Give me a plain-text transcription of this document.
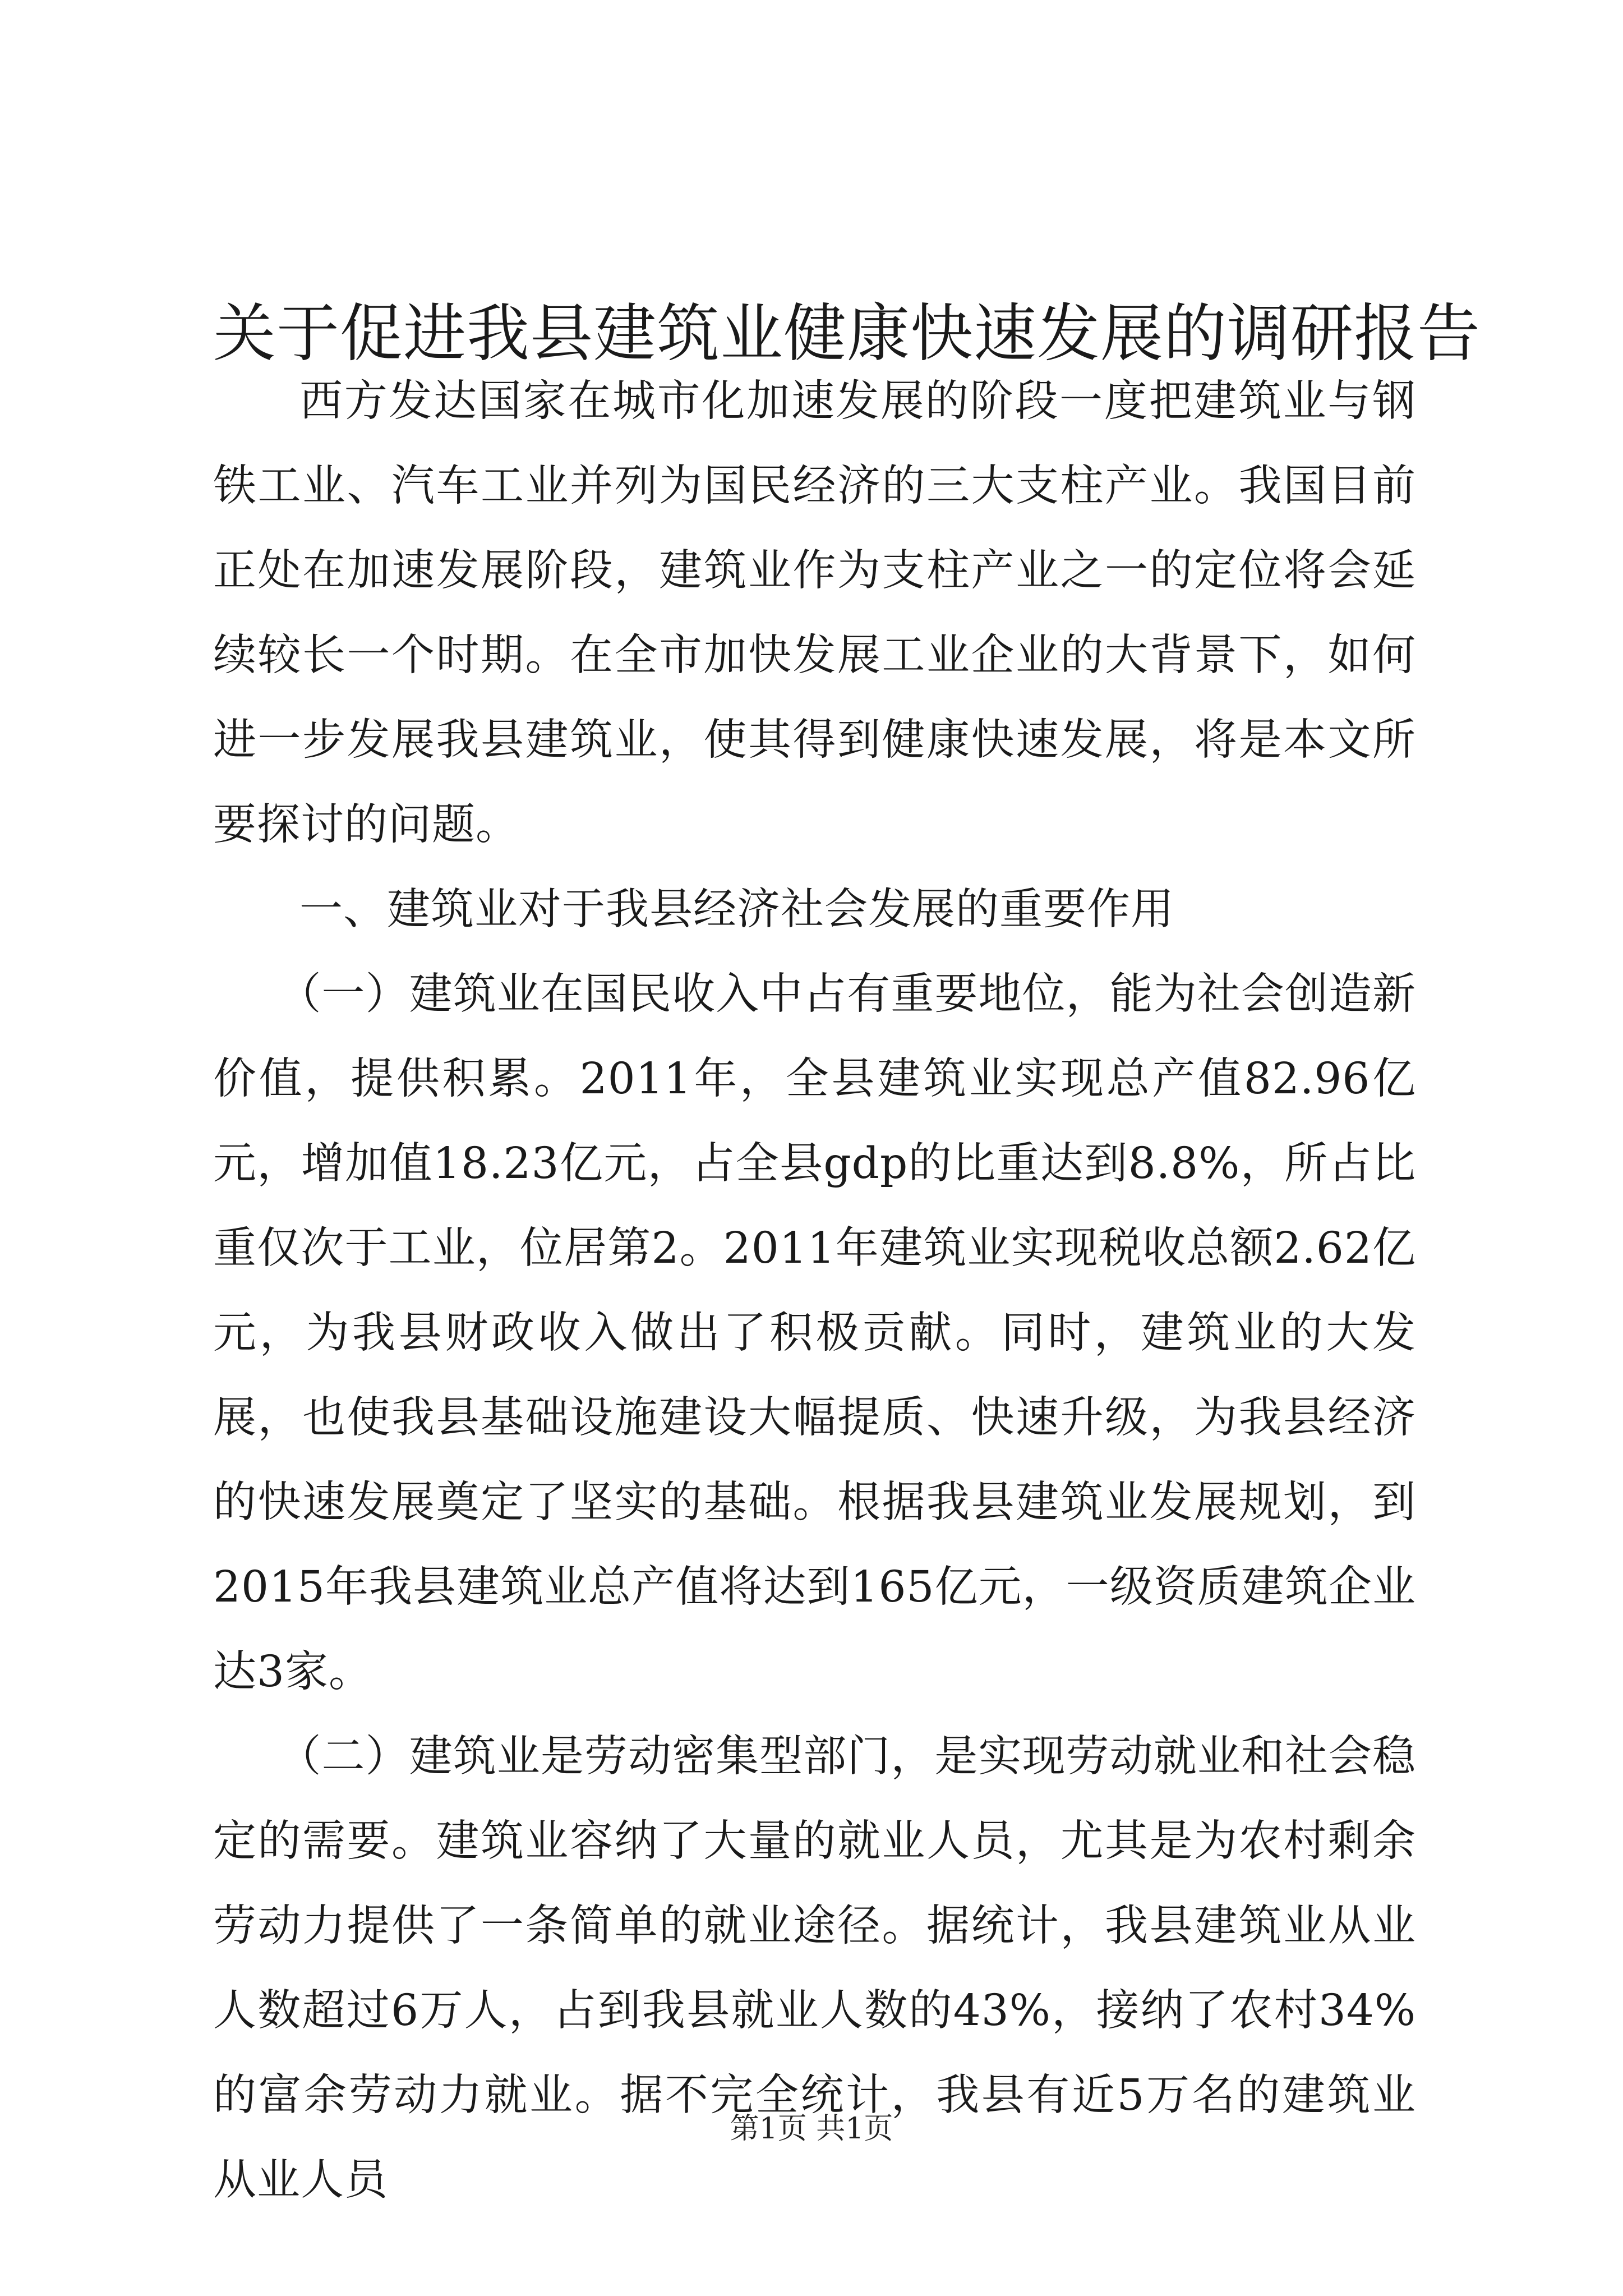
关于促进我县建筑业健康快速发展的调研报告

西方发达国家在城市化加速发展的阶段一度把建筑业与钢铁工业、汽车工业并列为国民经济的三大支柱产业。我国目前正处在加速发展阶段，建筑业作为支柱产业之一的定位将会延续较长一个时期。在全市加快发展工业企业的大背景下，如何进一步发展我县建筑业，使其得到健康快速发展，将是本文所要探讨的问题。

一、建筑业对于我县经济社会发展的重要作用

（一）建筑业在国民收入中占有重要地位，能为社会创造新价值，提供积累。2011年，全县建筑业实现总产值82.96亿元，增加值18.23亿元，占全县gdp的比重达到8.8%，所占比重仅次于工业，位居第2。2011年建筑业实现税收总额2.62亿元，为我县财政收入做出了积极贡献。同时，建筑业的大发展，也使我县基础设施建设大幅提质、快速升级，为我县经济的快速发展奠定了坚实的基础。根据我县建筑业发展规划，到2015年我县建筑业总产值将达到165亿元，一级资质建筑企业达3家。

（二）建筑业是劳动密集型部门，是实现劳动就业和社会稳定的需要。建筑业容纳了大量的就业人员，尤其是为农村剩余劳动力提供了一条简单的就业途径。据统计，我县建筑业从业人数超过6万人，占到我县就业人数的43%，接纳了农村34%的富余劳动力就业。据不完全统计，我县有近5万名的建筑业从业人员

第1页 共1页
